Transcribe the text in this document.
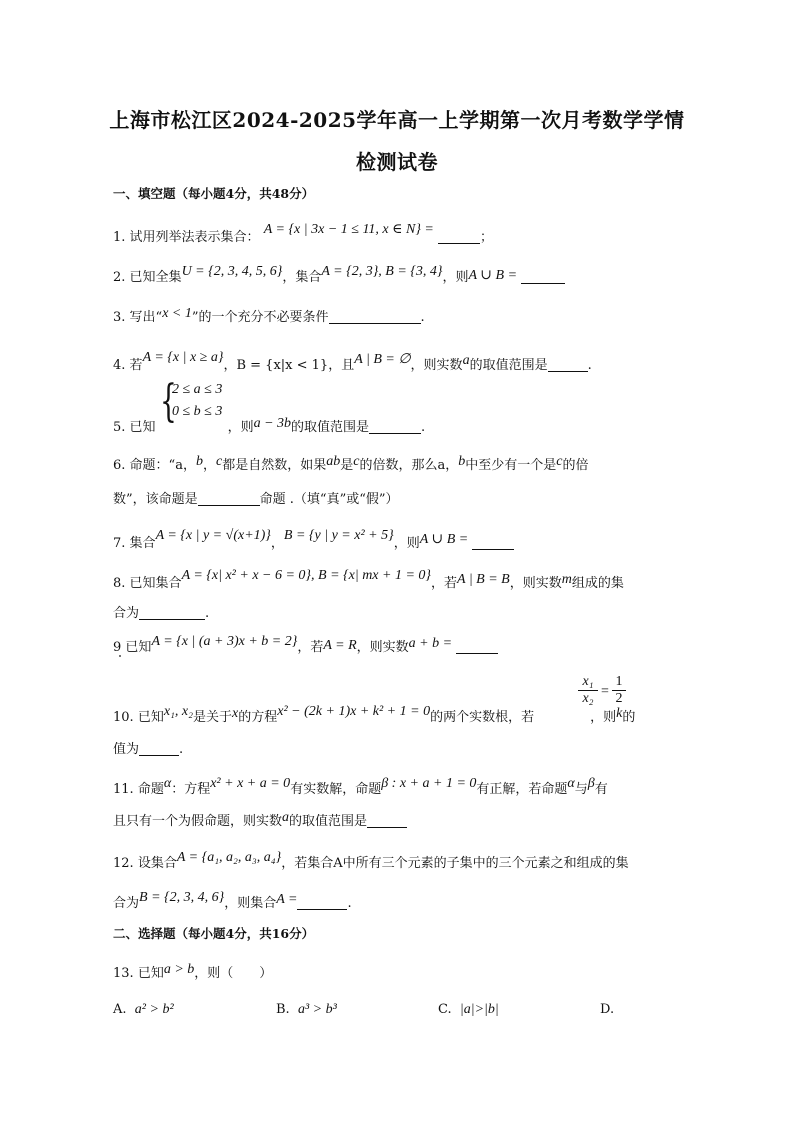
上海市松江区2024-2025学年高一上学期第一次月考数学学情
检测试卷
一、填空题（每小题4分，共48分）
1. 试用列举法表示集合： A = {x | 3x − 1 ≤ 11, x ∈ N} = ；
2. 已知全集U = {2, 3, 4, 5, 6}，集合A = {2, 3}, B = {3, 4}，则A ∪ B =
3. 写出“x < 1”的一个充分不必要条件	.
4. 若A = {x | x ≥ a}，B = {x|x < 1}，且A | B = ∅，则实数a的取值范围是	.
{
2 ≤ a ≤ 3
0 ≤ b ≤ 3
5. 已知	，则a − 3b的取值范围是	.
6. 命题：“a，b，c都是自然数，如果ab是c的倍数，那么a，b中至少有一个是c的倍
数”，该命题是	命题 .（填“真”或“假”）
7. 集合A = {x | y = √(x+1)}，B = {y | y = x² + 5}，则A ∪ B =
8. 已知集合A = {x| x² + x − 6 = 0}, B = {x| mx + 1 = 0}，若A | B = B，则实数m组成的集
合为	.
9 已知A = {x | (a + 3)x + b = 2}，若A = R，则实数a + b =
$\frac{\text{x₁}}{\text{x₂}} = \frac{1}{2}$
10. 已知x₁, x₂是关于x的方程x² − (2k + 1)x + k² + 1 = 0的两个实数根，若	，则k的
值为	.
11. 命题α：方程x² + x + a = 0有实数解，命题β : x + a + 1 = 0有正解，若命题α与β有
且只有一个为假命题，则实数a的取值范围是
12. 设集合A = {a₁, a₂, a₃, a₄}，若集合A中所有三个元素的子集中的三个元素之和组成的集
合为B = {2, 3, 4, 6}，则集合A =	.
二、选择题（每小题4分，共16分）
13. 已知a > b，则（　　）
A. a² > b²	B. a³ > b³	C. |a|>|b|	D.
